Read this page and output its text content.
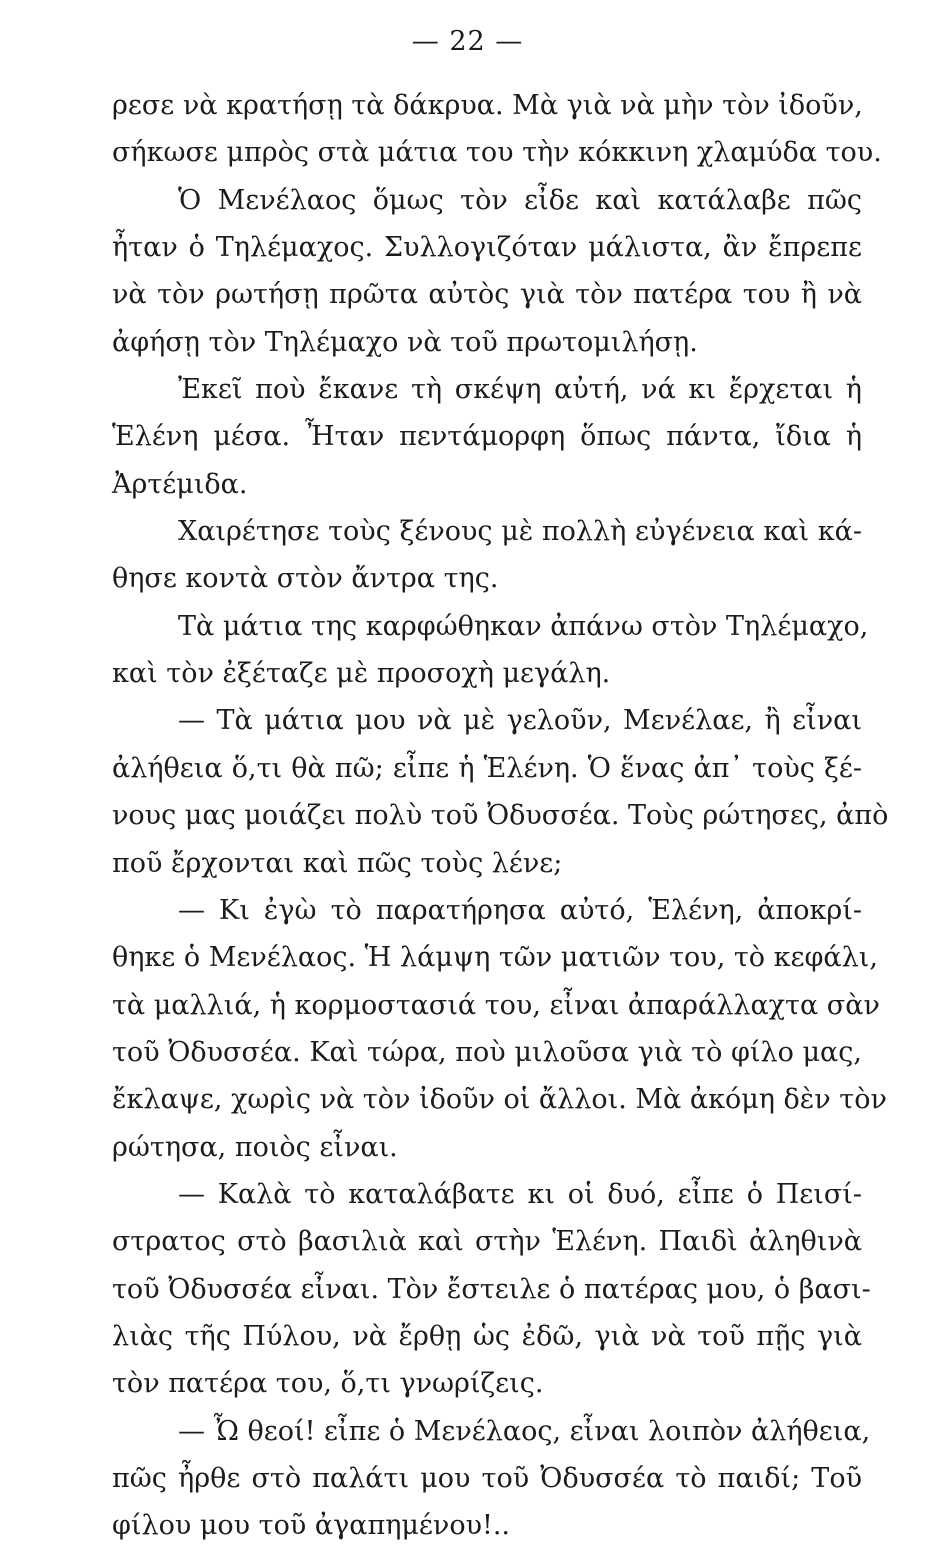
— 22 —
ρεσε νὰ κρατήσῃ τὰ δάκρυα. Μὰ γιὰ νὰ μὴν τὸν ἰδοῦν,
σήκωσε μπρὸς στὰ μάτια του τὴν κόκκινη χλαμύδα του.
Ὁ Μενέλαος ὅμως τὸν εἶδε καὶ κατάλαβε πῶς
ἦταν ὁ Τηλέμαχος. Συλλογιζόταν μάλιστα, ἂν ἔπρεπε
νὰ τὸν ρωτήσῃ πρῶτα αὐτὸς γιὰ τὸν πατέρα του ἢ νὰ
ἀφήσῃ τὸν Τηλέμαχο νὰ τοῦ πρωτομιλήσῃ.
Ἐκεῖ ποὺ ἔκανε τὴ σκέψη αὐτή, νά κι ἔρχεται ἡ
Ἑλένη μέσα. Ἦταν πεντάμορφη ὅπως πάντα, ἴδια ἡ
Ἀρτέμιδα.
Χαιρέτησε τοὺς ξένους μὲ πολλὴ εὐγένεια καὶ κά-
θησε κοντὰ στὸν ἄντρα της.
Τὰ μάτια της καρφώθηκαν ἀπάνω στὸν Τηλέμαχο,
καὶ τὸν ἐξέταζε μὲ προσοχὴ μεγάλη.
— Τὰ μάτια μου νὰ μὲ γελοῦν, Μενέλαε, ἢ εἶναι
ἀλήθεια ὅ,τι θὰ πῶ; εἶπε ἡ Ἑλένη. Ὁ ἕνας ἀπ᾿ τοὺς ξέ-
νους μας μοιάζει πολὺ τοῦ Ὀδυσσέα. Τοὺς ρώτησες, ἀπὸ
ποῦ ἔρχονται καὶ πῶς τοὺς λένε;
— Κι ἐγὼ τὸ παρατήρησα αὐτό, Ἑλένη, ἀποκρί-
θηκε ὁ Μενέλαος. Ἡ λάμψη τῶν ματιῶν του, τὸ κεφάλι,
τὰ μαλλιά, ἡ κορμοστασιά του, εἶναι ἀπαράλλαχτα σὰν
τοῦ Ὀδυσσέα. Καὶ τώρα, ποὺ μιλοῦσα γιὰ τὸ φίλο μας,
ἔκλαψε, χωρὶς νὰ τὸν ἰδοῦν οἱ ἄλλοι. Μὰ ἀκόμη δὲν τὸν
ρώτησα, ποιὸς εἶναι.
— Καλὰ τὸ καταλάβατε κι οἱ δυό, εἶπε ὁ Πεισί-
στρατος στὸ βασιλιὰ καὶ στὴν Ἑλένη. Παιδὶ ἀληθινὰ
τοῦ Ὀδυσσέα εἶναι. Τὸν ἔστειλε ὁ πατέρας μου, ὁ βασι-
λιὰς τῆς Πύλου, νὰ ἔρθῃ ὡς ἐδῶ, γιὰ νὰ τοῦ πῇς γιὰ
τὸν πατέρα του, ὅ,τι γνωρίζεις.
— Ὦ θεοί! εἶπε ὁ Μενέλαος, εἶναι λοιπὸν ἀλήθεια,
πῶς ἦρθε στὸ παλάτι μου τοῦ Ὀδυσσέα τὸ παιδί; Τοῦ
φίλου μου τοῦ ἀγαπημένου!..
